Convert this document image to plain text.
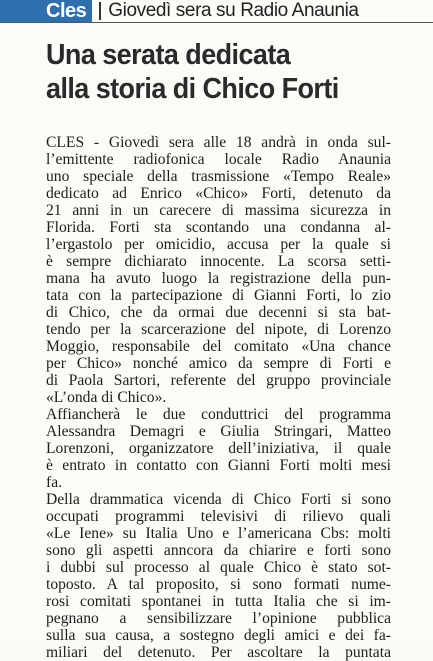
Cles	Giovedì sera su Radio Anaunia
Una serata dedicata
alla storia di Chico Forti
CLES - Giovedì sera alle 18 andrà in onda sul-
l’emittente radiofonica locale Radio Anaunia
uno speciale della trasmissione «Tempo Reale»
dedicato ad Enrico «Chico» Forti, detenuto da
21 anni in un carecere di massima sicurezza in
Florida. Forti sta scontando una condanna al-
l’ergastolo per omicidio, accusa per la quale si
è sempre dichiarato innocente. La scorsa setti-
mana ha avuto luogo la registrazione della pun-
tata con la partecipazione di Gianni Forti, lo zio
di Chico, che da ormai due decenni si sta bat-
tendo per la scarcerazione del nipote, di Lorenzo
Moggio, responsabile del comitato «Una chance
per Chico» nonché amico da sempre di Forti e
di Paola Sartori, referente del gruppo provinciale
«L’onda di Chico».
Affiancherà le due conduttrici del programma
Alessandra Demagri e Giulia Stringari, Matteo
Lorenzoni, organizzatore dell’iniziativa, il quale
è entrato in contatto con Gianni Forti molti mesi
fa.
Della drammatica vicenda di Chico Forti si sono
occupati programmi televisivi di rilievo quali
«Le Iene» su Italia Uno e l’americana Cbs: molti
sono gli aspetti anncora da chiarire e forti sono
i dubbi sul processo al quale Chico è stato sot-
toposto. A tal proposito, si sono formati nume-
rosi comitati spontanei in tutta Italia che si im-
pegnano a sensibilizzare l’opinione pubblica
sulla sua causa, a sostegno degli amici e dei fa-
miliari del detenuto. Per ascoltare la puntata
